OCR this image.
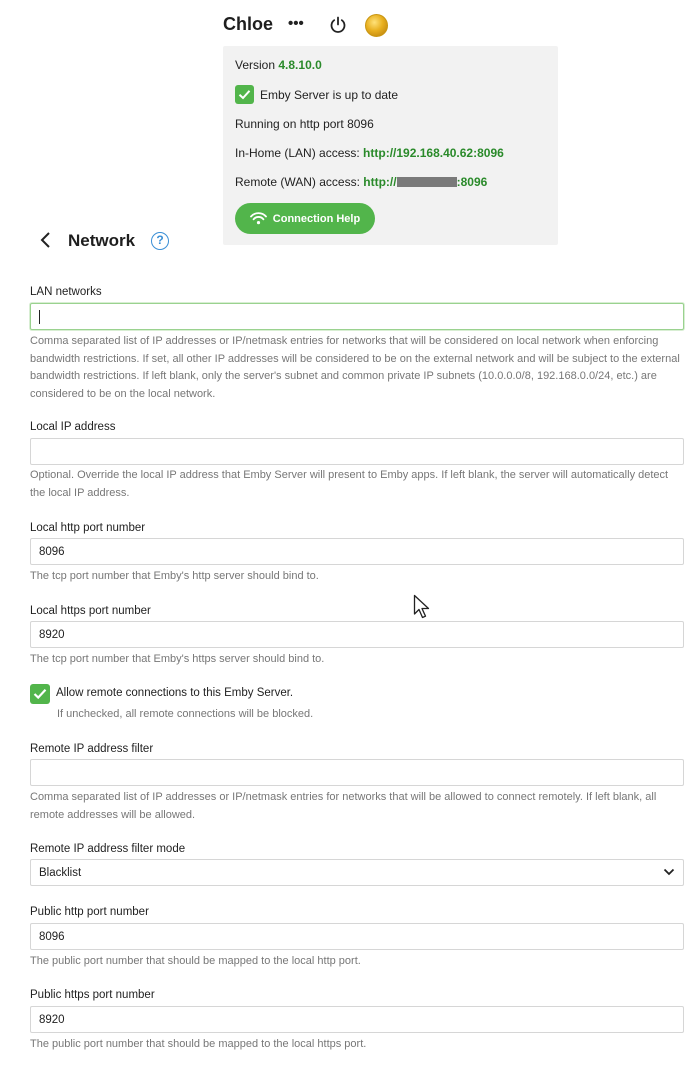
Chloe •••
Version 4.8.10.0
Emby Server is up to date
Running on http port 8096
In-Home (LAN) access: http://192.168.40.62:8096
Remote (WAN) access: http://	:8096
Connection Help
Network	?
LAN networks
Comma separated list of IP addresses or IP/netmask entries for networks that will be considered on local network when enforcing bandwidth restrictions. If set, all other IP addresses will be considered to be on the external network and will be subject to the external bandwidth restrictions. If left blank, only the server's subnet and common private IP subnets (10.0.0.0/8, 192.168.0.0/24, etc.) are considered to be on the local network.
Local IP address
Optional. Override the local IP address that Emby Server will present to Emby apps. If left blank, the server will automatically detect the local IP address.
Local http port number
8096
The tcp port number that Emby's http server should bind to.
Local https port number
8920
The tcp port number that Emby's https server should bind to.
Allow remote connections to this Emby Server.
If unchecked, all remote connections will be blocked.
Remote IP address filter
Comma separated list of IP addresses or IP/netmask entries for networks that will be allowed to connect remotely. If left blank, all remote addresses will be allowed.
Remote IP address filter mode
Blacklist
Public http port number
8096
The public port number that should be mapped to the local http port.
Public https port number
8920
The public port number that should be mapped to the local https port.
